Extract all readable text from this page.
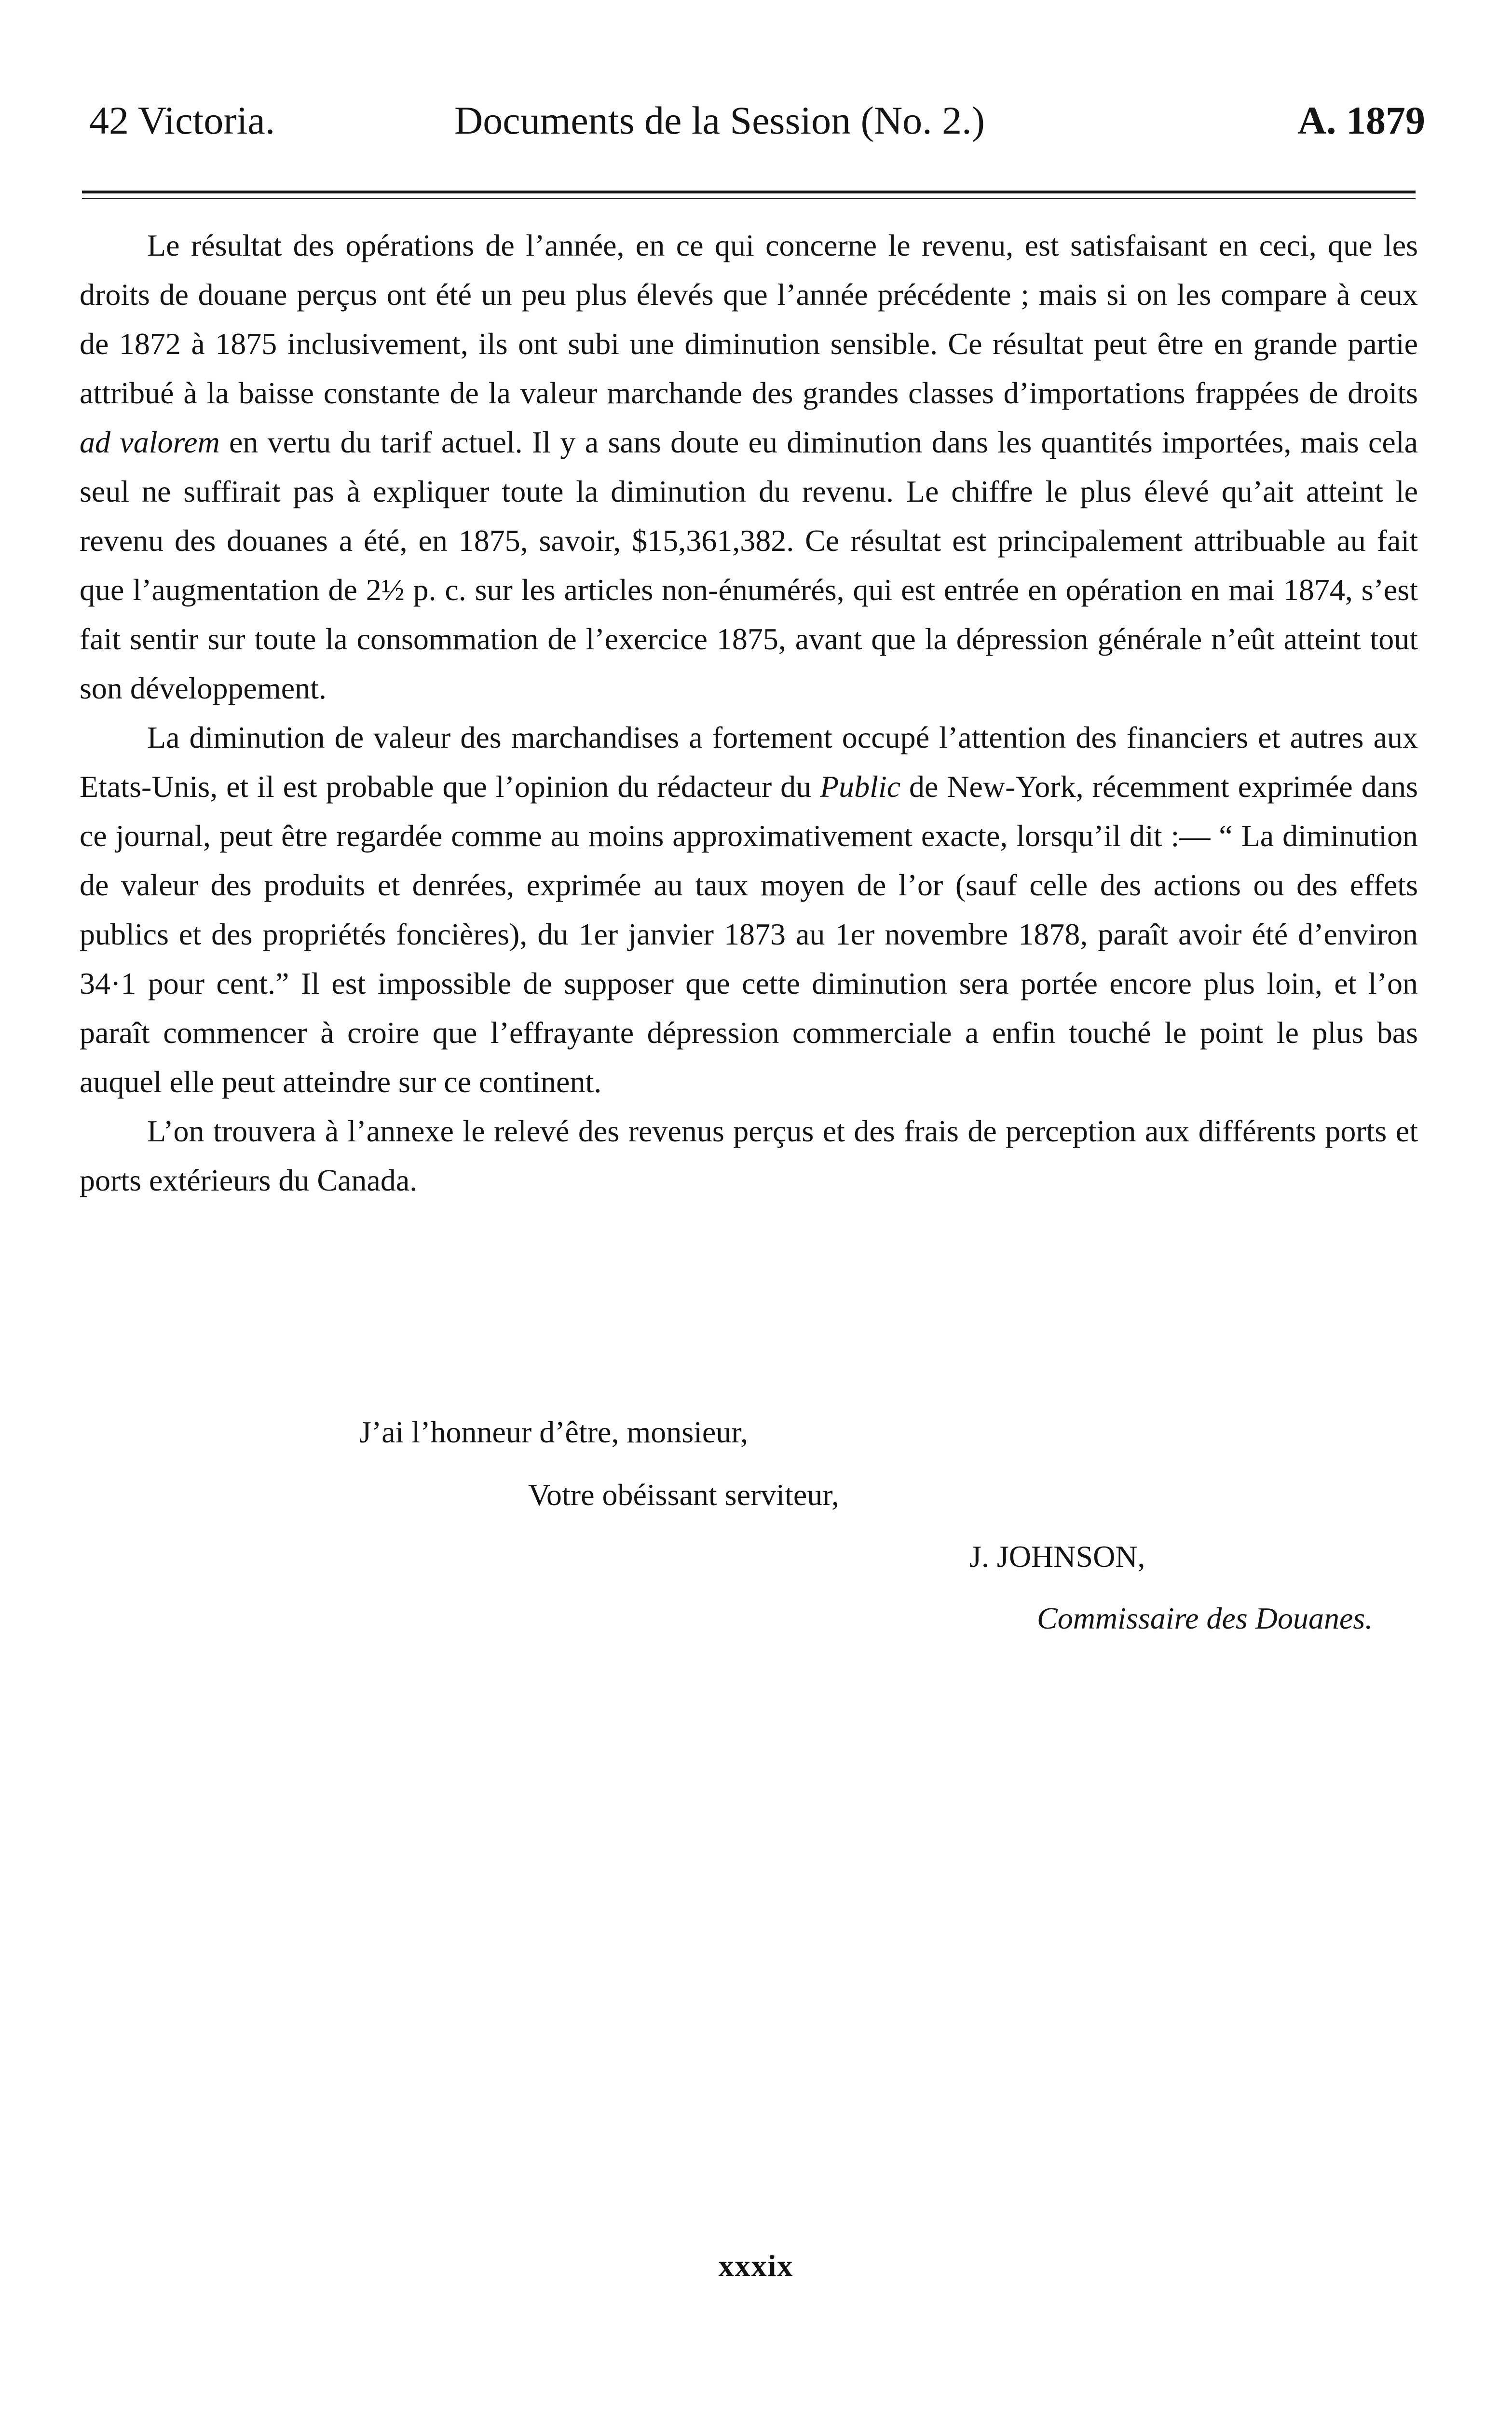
42 Victoria.	Documents de la Session (No. 2.)	A. 1879

Le résultat des opérations de l’année, en ce qui concerne le revenu, est satisfaisant en ceci, que les droits de douane perçus ont été un peu plus élevés que l’année précédente ; mais si on les compare à ceux de 1872 à 1875 inclusivement, ils ont subi une diminution sensible. Ce résultat peut être en grande partie attribué à la baisse constante de la valeur marchande des grandes classes d’importations frappées de droits ad valorem en vertu du tarif actuel. Il y a sans doute eu diminution dans les quantités importées, mais cela seul ne suffirait pas à expliquer toute la diminution du revenu. Le chiffre le plus élevé qu’ait atteint le revenu des douanes a été, en 1875, savoir, $15,361,382. Ce résultat est principalement attribuable au fait que l’augmentation de 2½ p. c. sur les articles non-énumérés, qui est entrée en opération en mai 1874, s’est fait sentir sur toute la consommation de l’exercice 1875, avant que la dépression générale n’eût atteint tout son développement.

La diminution de valeur des marchandises a fortement occupé l’attention des financiers et autres aux Etats-Unis, et il est probable que l’opinion du rédacteur du Public de New-York, récemment exprimée dans ce journal, peut être regardée comme au moins approximativement exacte, lorsqu’il dit :— “ La diminution de valeur des produits et denrées, exprimée au taux moyen de l’or (sauf celle des actions ou des effets publics et des propriétés foncières), du 1er janvier 1873 au 1er novembre 1878, paraît avoir été d’environ 34·1 pour cent.” Il est impossible de supposer que cette diminution sera portée encore plus loin, et l’on paraît commencer à croire que l’effrayante dépression commerciale a enfin touché le point le plus bas auquel elle peut atteindre sur ce continent.

L’on trouvera à l’annexe le relevé des revenus perçus et des frais de perception aux différents ports et ports extérieurs du Canada.

J’ai l’honneur d’être, monsieur,
Votre obéissant serviteur,
J. JOHNSON,
Commissaire des Douanes.
xxxix
